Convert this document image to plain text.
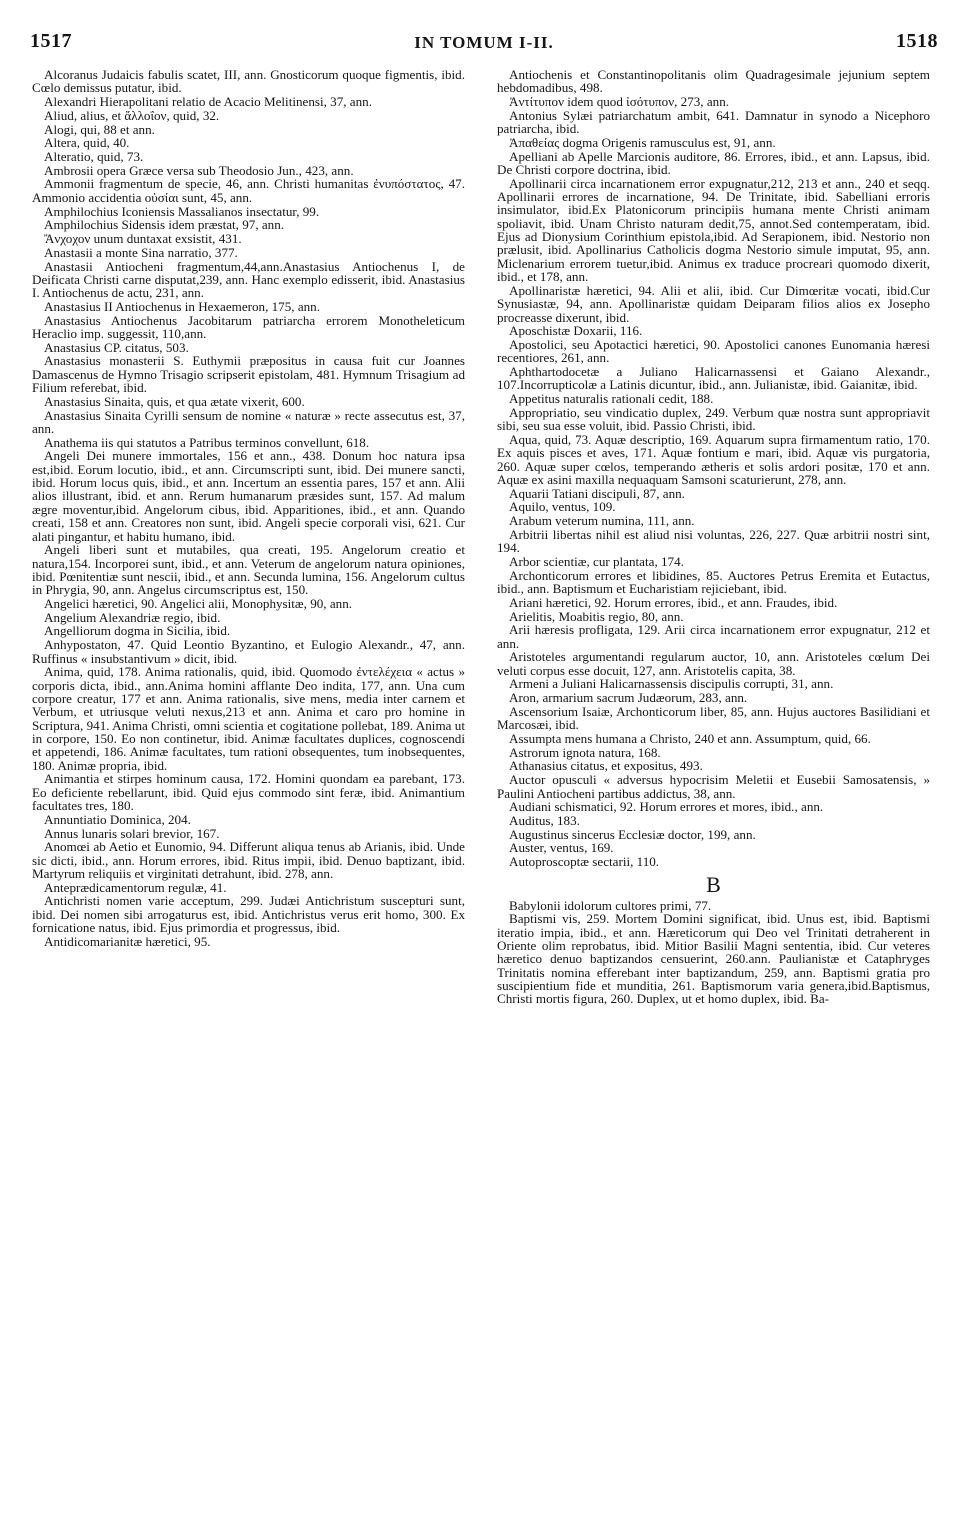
1517	IN TOMUM I-II.	1518

Alcoranus Judaicis fabulis scatet, III, ann. Gnosticorum quoque figmentis, ibid. Cœlo demissus putatur, ibid.

Alexandri Hierapolitani relatio de Acacio Melitinensi, 37, ann.

Aliud, alius, et ἄλλοΐον, quid, 32.

Alogi, qui, 88 et ann.

Altera, quid, 40.

Alteratio, quid, 73.

Ambrosii opera Græce versa sub Theodosio Jun., 423, ann.

Ammonii fragmentum de specie, 46, ann. Christi humanitas ἐνυπόστατος, 47. Ammonio accidentia οὐσίαι sunt, 45, ann.

Amphilochius Iconiensis Massalianos insectatur, 99.

Amphilochius Sidensis idem præstat, 97, ann.

Ἄνχοχον unum duntaxat exsistit, 431.

Anastasii a monte Sina narratio, 377.

Anastasii Antiocheni fragmentum,44,ann.Anastasius Antiochenus I, de Deificata Christi carne disputat,239, ann. Hanc exemplo edisserit, ibid. Anastasius I. Antiochenus de actu, 231, ann.

Anastasius II Antiochenus in Hexaemeron, 175, ann.

Anastasius Antiochenus Jacobitarum patriarcha errorem Monotheleticum Heraclio imp. suggessit, 110,ann.

Anastasius CP. citatus, 503.

Anastasius monasterii S. Euthymii præpositus in causa fuit cur Joannes Damascenus de Hymno Trisagio scripserit epistolam, 481. Hymnum Trisagium ad Filium referebat, ibid.

Anastasius Sinaita, quis, et qua ætate vixerit, 600.

Anastasius Sinaita Cyrilli sensum de nomine « naturæ » recte assecutus est, 37, ann.

Anathema iis qui statutos a Patribus terminos convellunt, 618.

Angeli Dei munere immortales, 156 et ann., 438. Donum hoc natura ipsa est,ibid. Eorum locutio, ibid., et ann. Circumscripti sunt, ibid. Dei munere sancti, ibid. Horum locus quis, ibid., et ann. Incertum an essentia pares, 157 et ann. Alii alios illustrant, ibid. et ann. Rerum humanarum præsides sunt, 157. Ad malum ægre moventur,ibid. Angelorum cibus, ibid. Apparitiones, ibid., et ann. Quando creati, 158 et ann. Creatores non sunt, ibid. Angeli specie corporali visi, 621. Cur alati pingantur, et habitu humano, ibid.

Angeli liberi sunt et mutabiles, qua creati, 195. Angelorum creatio et natura,154. Incorporei sunt, ibid., et ann. Veterum de angelorum natura opiniones, ibid. Pœnitentiæ sunt nescii, ibid., et ann. Secunda lumina, 156. Angelorum cultus in Phrygia, 90, ann. Angelus circumscriptus est, 150.

Angelici hæretici, 90. Angelici alii, Monophysitæ, 90, ann.

Angelium Alexandriæ regio, ibid.

Angelliorum dogma in Sicilia, ibid.

Anhypostaton, 47. Quid Leontio Byzantino, et Eulogio Alexandr., 47, ann. Ruffinus « insubstantivum » dicit, ibid.

Anima, quid, 178. Anima rationalis, quid, ibid. Quomodo ἐντελέχεια « actus » corporis dicta, ibid., ann.Anima homini afflante Deo indita, 177, ann. Una cum corpore creatur, 177 et ann. Anima rationalis, sive mens, media inter carnem et Verbum, et utriusque veluti nexus,213 et ann. Anima et caro pro homine in Scriptura, 941. Anima Christi, omni scientia et cogitatione pollebat, 189. Anima ut in corpore, 150. Eo non continetur, ibid. Animæ facultates duplices, cognoscendi et appetendi, 186. Animæ facultates, tum rationi obsequentes, tum inobsequentes, 180. Animæ propria, ibid.

Animantia et stirpes hominum causa, 172. Homini quondam ea parebant, 173. Eo deficiente rebellarunt, ibid. Quid ejus commodo sint feræ, ibid. Animantium facultates tres, 180.

Annuntiatio Dominica, 204.

Annus lunaris solari brevior, 167.

Anomœi ab Aetio et Eunomio, 94. Differunt aliqua tenus ab Arianis, ibid. Unde sic dicti, ibid., ann. Horum errores, ibid. Ritus impii, ibid. Denuo baptizant, ibid. Martyrum reliquiis et virginitati detrahunt, ibid. 278, ann.

Anteprædicamentorum regulæ, 41.

Antichristi nomen varie acceptum, 299. Judæi Antichristum suscepturi sunt, ibid. Dei nomen sibi arrogaturus est, ibid. Antichristus verus erit homo, 300. Ex fornicatione natus, ibid. Ejus primordia et progressus, ibid.

Antidicomarianitæ hæretici, 95.

Antiochenis et Constantinopolitanis olim Quadragesimale jejunium septem hebdomadibus, 498.

Ἀντίτυπον idem quod ἰσότυπον, 273, ann.

Antonius Sylæi patriarchatum ambit, 641. Damnatur in synodo a Nicephoro patriarcha, ibid.

Ἀπαθείας dogma Origenis ramusculus est, 91, ann.

Apelliani ab Apelle Marcionis auditore, 86. Errores, ibid., et ann. Lapsus, ibid. De Christi corpore doctrina, ibid.

Apollinarii circa incarnationem error expugnatur,212, 213 et ann., 240 et seqq. Apollinarii errores de incarnatione, 94. De Trinitate, ibid. Sabelliani erroris insimulator, ibid.Ex Platonicorum principiis humana mente Christi animam spoliavit, ibid. Unam Christo naturam dedit,75, annot.Sed contemperatam, ibid. Ejus ad Dionysium Corinthium epistola,ibid. Ad Serapionem, ibid. Nestorio non prælusit, ibid. Apollinarius Catholicis dogma Nestorio simule imputat, 95, ann. Miclenarium errorem tuetur,ibid. Animus ex traduce procreari quomodo dixerit, ibid., et 178, ann.

Apollinaristæ hæretici, 94. Alii et alii, ibid. Cur Dimœritæ vocati, ibid.Cur Synusiastæ, 94, ann. Apollinaristæ quidam Deiparam filios alios ex Josepho procreasse dixerunt, ibid.

Aposchistæ Doxarii, 116.

Apostolici, seu Apotactici hæretici, 90. Apostolici canones Eunomania hæresi recentiores, 261, ann.

Aphthartodocetæ a Juliano Halicarnassensi et Gaiano Alexandr., 107.Incorrupticolæ a Latinis dicuntur, ibid., ann. Julianistæ, ibid. Gaianitæ, ibid.

Appetitus naturalis rationali cedit, 188.

Appropriatio, seu vindicatio duplex, 249. Verbum quæ nostra sunt appropriavit sibi, seu sua esse voluit, ibid. Passio Christi, ibid.

Aqua, quid, 73. Aquæ descriptio, 169. Aquarum supra firmamentum ratio, 170. Ex aquis pisces et aves, 171. Aquæ fontium e mari, ibid. Aquæ vis purgatoria, 260. Aquæ super cœlos, temperando ætheris et solis ardori positæ, 170 et ann. Aquæ ex asini maxilla nequaquam Samsoni scaturierunt, 278, ann.

Aquarii Tatiani discipuli, 87, ann.

Aquilo, ventus, 109.

Arabum veterum numina, 111, ann.

Arbitrii libertas nihil est aliud nisi voluntas, 226, 227. Quæ arbitrii nostri sint, 194.

Arbor scientiæ, cur plantata, 174.

Archonticorum errores et libidines, 85. Auctores Petrus Eremita et Eutactus, ibid., ann. Baptismum et Eucharistiam rejiciebant, ibid.

Ariani hæretici, 92. Horum errores, ibid., et ann. Fraudes, ibid.

Arielitis, Moabitis regio, 80, ann.

Arii hæresis profligata, 129. Arii circa incarnationem error expugnatur, 212 et ann.

Aristoteles argumentandi regularum auctor, 10, ann. Aristoteles cœlum Dei veluti corpus esse docuit, 127, ann. Aristotelis capita, 38.

Armeni a Juliani Halicarnassensis discipulis corrupti, 31, ann.

Aron, armarium sacrum Judæorum, 283, ann.

Ascensorium Isaiæ, Archonticorum liber, 85, ann. Hujus auctores Basilidiani et Marcosæi, ibid.

Assumpta mens humana a Christo, 240 et ann. Assumptum, quid, 66.

Astrorum ignota natura, 168.

Athanasius citatus, et expositus, 493.

Auctor opusculi « adversus hypocrisim Meletii et Eusebii Samosatensis, » Paulini Antiocheni partibus addictus, 38, ann.

Audiani schismatici, 92. Horum errores et mores, ibid., ann.

Auditus, 183.

Augustinus sincerus Ecclesiæ doctor, 199, ann.

Auster, ventus, 169.

Autoproscoptæ sectarii, 110.

B

Babylonii idolorum cultores primi, 77.

Baptismi vis, 259. Mortem Domini significat, ibid. Unus est, ibid. Baptismi iteratio impia, ibid., et ann. Hæreticorum qui Deo vel Trinitati detraherent in Oriente olim reprobatus, ibid. Mitior Basilii Magni sententia, ibid. Cur veteres hæretico denuo baptizandos censuerint, 260.ann. Paulianistæ et Cataphryges Trinitatis nomina efferebant inter baptizandum, 259, ann. Baptismi gratia pro suscipientium fide et munditia, 261. Baptismorum varia genera,ibid.Baptismus, Christi mortis figura, 260. Duplex, ut et homo duplex, ibid. Ba-
